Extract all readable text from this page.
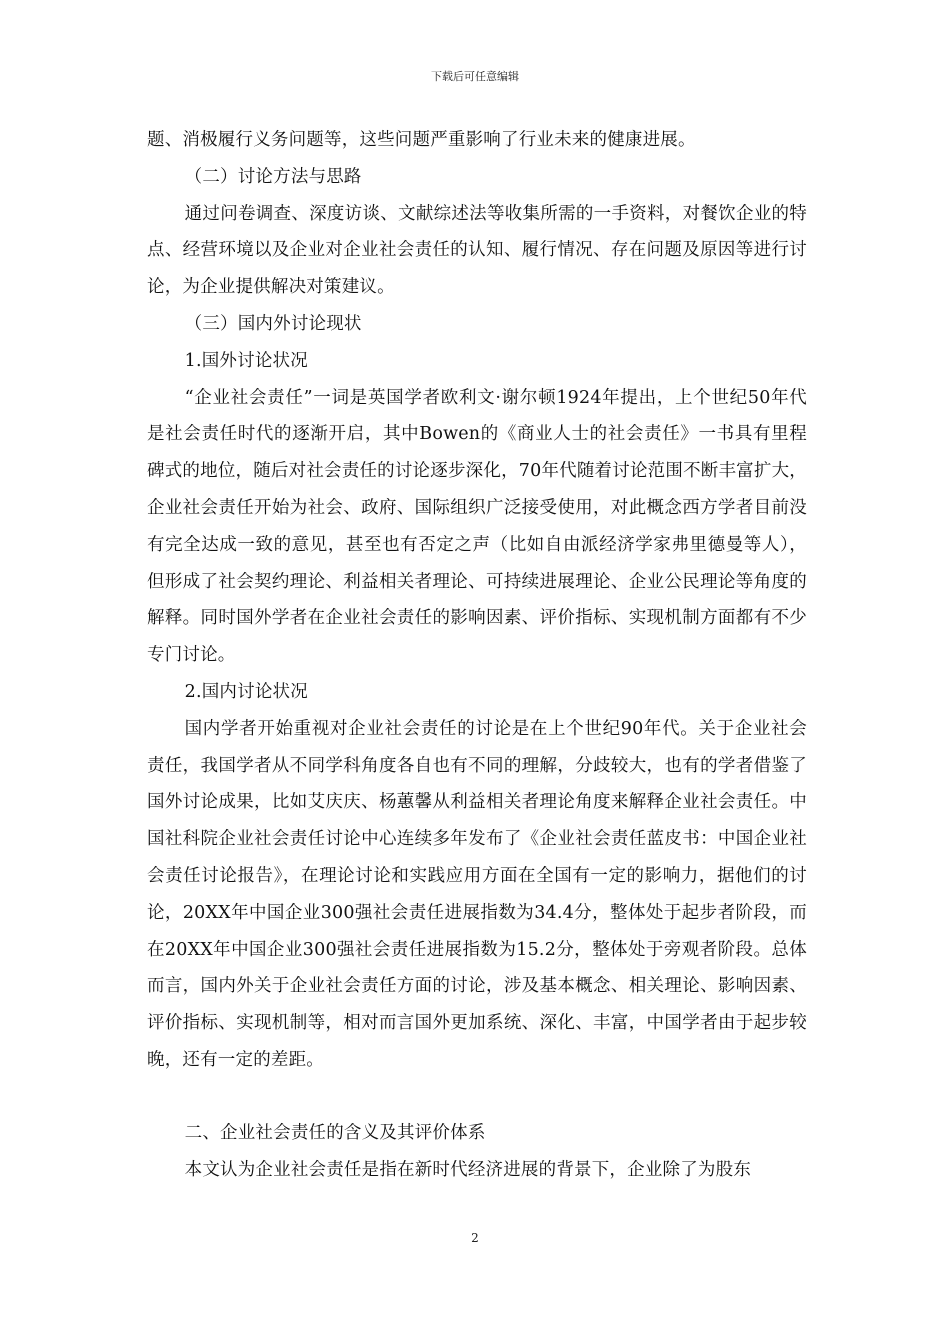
下载后可任意编辑

题、消极履行义务问题等，这些问题严重影响了行业未来的健康进展。

（二）讨论方法与思路

通过问卷调查、深度访谈、文献综述法等收集所需的一手资料，对餐饮企业的特点、经营环境以及企业对企业社会责任的认知、履行情况、存在问题及原因等进行讨论，为企业提供解决对策建议。

（三）国内外讨论现状

1.国外讨论状况

“企业社会责任”一词是英国学者欧利文·谢尔顿1924年提出，上个世纪50年代是社会责任时代的逐渐开启，其中Bowen的《商业人士的社会责任》一书具有里程碑式的地位，随后对社会责任的讨论逐步深化，70年代随着讨论范围不断丰富扩大，企业社会责任开始为社会、政府、国际组织广泛接受使用，对此概念西方学者目前没有完全达成一致的意见，甚至也有否定之声（比如自由派经济学家弗里德曼等人），但形成了社会契约理论、利益相关者理论、可持续进展理论、企业公民理论等角度的解释。同时国外学者在企业社会责任的影响因素、评价指标、实现机制方面都有不少专门讨论。

2.国内讨论状况

国内学者开始重视对企业社会责任的讨论是在上个世纪90年代。关于企业社会责任，我国学者从不同学科角度各自也有不同的理解，分歧较大，也有的学者借鉴了国外讨论成果，比如艾庆庆、杨蕙馨从利益相关者理论角度来解释企业社会责任。中国社科院企业社会责任讨论中心连续多年发布了《企业社会责任蓝皮书：中国企业社会责任讨论报告》，在理论讨论和实践应用方面在全国有一定的影响力，据他们的讨论，20XX年中国企业300强社会责任进展指数为34.4分，整体处于起步者阶段，而在20XX年中国企业300强社会责任进展指数为15.2分，整体处于旁观者阶段。总体而言，国内外关于企业社会责任方面的讨论，涉及基本概念、相关理论、影响因素、评价指标、实现机制等，相对而言国外更加系统、深化、丰富，中国学者由于起步较晚，还有一定的差距。

二、企业社会责任的含义及其评价体系

本文认为企业社会责任是指在新时代经济进展的背景下，企业除了为股东

2
